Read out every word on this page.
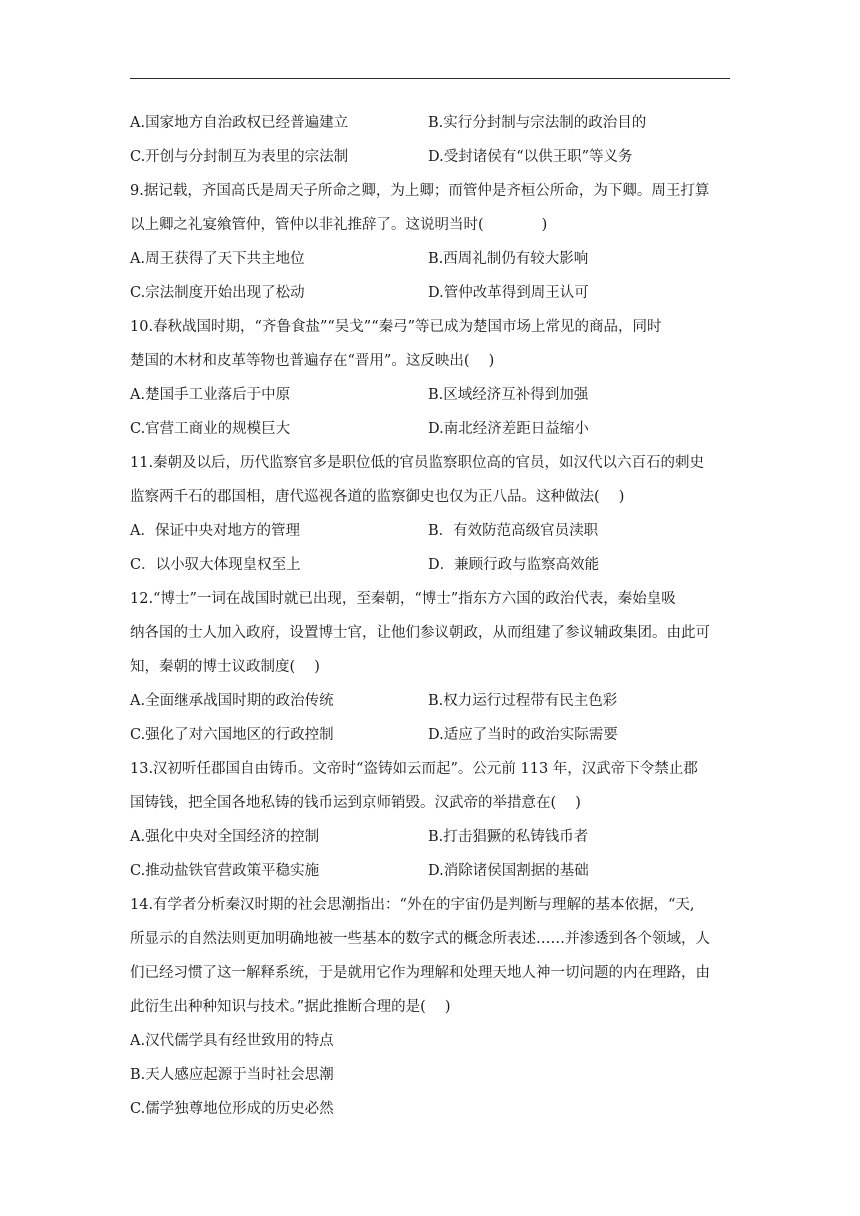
A.国家地方自治政权已经普遍建立	B.实行分封制与宗法制的政治目的
C.开创与分封制互为表里的宗法制	D.受封诸侯有“以供王职”等义务
9.据记载，齐国高氏是周天子所命之卿，为上卿；而管仲是齐桓公所命，为下卿。周王打算
以上卿之礼宴飨管仲，管仲以非礼推辞了。这说明当时(　　　　)
A.周王获得了天下共主地位	B.西周礼制仍有较大影响
C.宗法制度开始出现了松动	D.管仲改革得到周王认可
10.春秋战国时期，“齐鲁食盐”“吴戈”“秦弓”等已成为楚国市场上常见的商品，同时
楚国的木材和皮革等物也普遍存在“晋用”。这反映出(　 )
A.楚国手工业落后于中原	B.区域经济互补得到加强
C.官营工商业的规模巨大	D.南北经济差距日益缩小
11.秦朝及以后，历代监察官多是职位低的官员监察职位高的官员，如汉代以六百石的刺史
监察两千石的郡国相，唐代巡视各道的监察御史也仅为正八品。这种做法(　 )
A．保证中央对地方的管理	B．有效防范高级官员渎职
C．以小驭大体现皇权至上	D．兼顾行政与监察高效能
12.“博士”一词在战国时就已出现，至秦朝，“博士”指东方六国的政治代表，秦始皇吸
纳各国的士人加入政府，设置博士官，让他们参议朝政，从而组建了参议辅政集团。由此可
知，秦朝的博士议政制度(　 )
A.全面继承战国时期的政治传统	B.权力运行过程带有民主色彩
C.强化了对六国地区的行政控制	D.适应了当时的政治实际需要
13.汉初听任郡国自由铸币。文帝时“盗铸如云而起”。公元前 113 年，汉武帝下令禁止郡
国铸钱，把全国各地私铸的钱币运到京师销毁。汉武帝的举措意在(　 )
A.强化中央对全国经济的控制	B.打击猖獗的私铸钱币者
C.推动盐铁官营政策平稳实施	D.消除诸侯国割据的基础
14.有学者分析秦汉时期的社会思潮指出：“外在的宇宙仍是判断与理解的基本依据，“天,
所显示的自然法则更加明确地被一些基本的数字式的概念所表述……并渗透到各个领域，人
们已经习惯了这一解释系统，于是就用它作为理解和处理天地人神一切问题的内在理路，由
此衍生出种种知识与技术。”据此推断合理的是(　 )
A.汉代儒学具有经世致用的特点
B.天人感应起源于当时社会思潮
C.儒学独尊地位形成的历史必然
